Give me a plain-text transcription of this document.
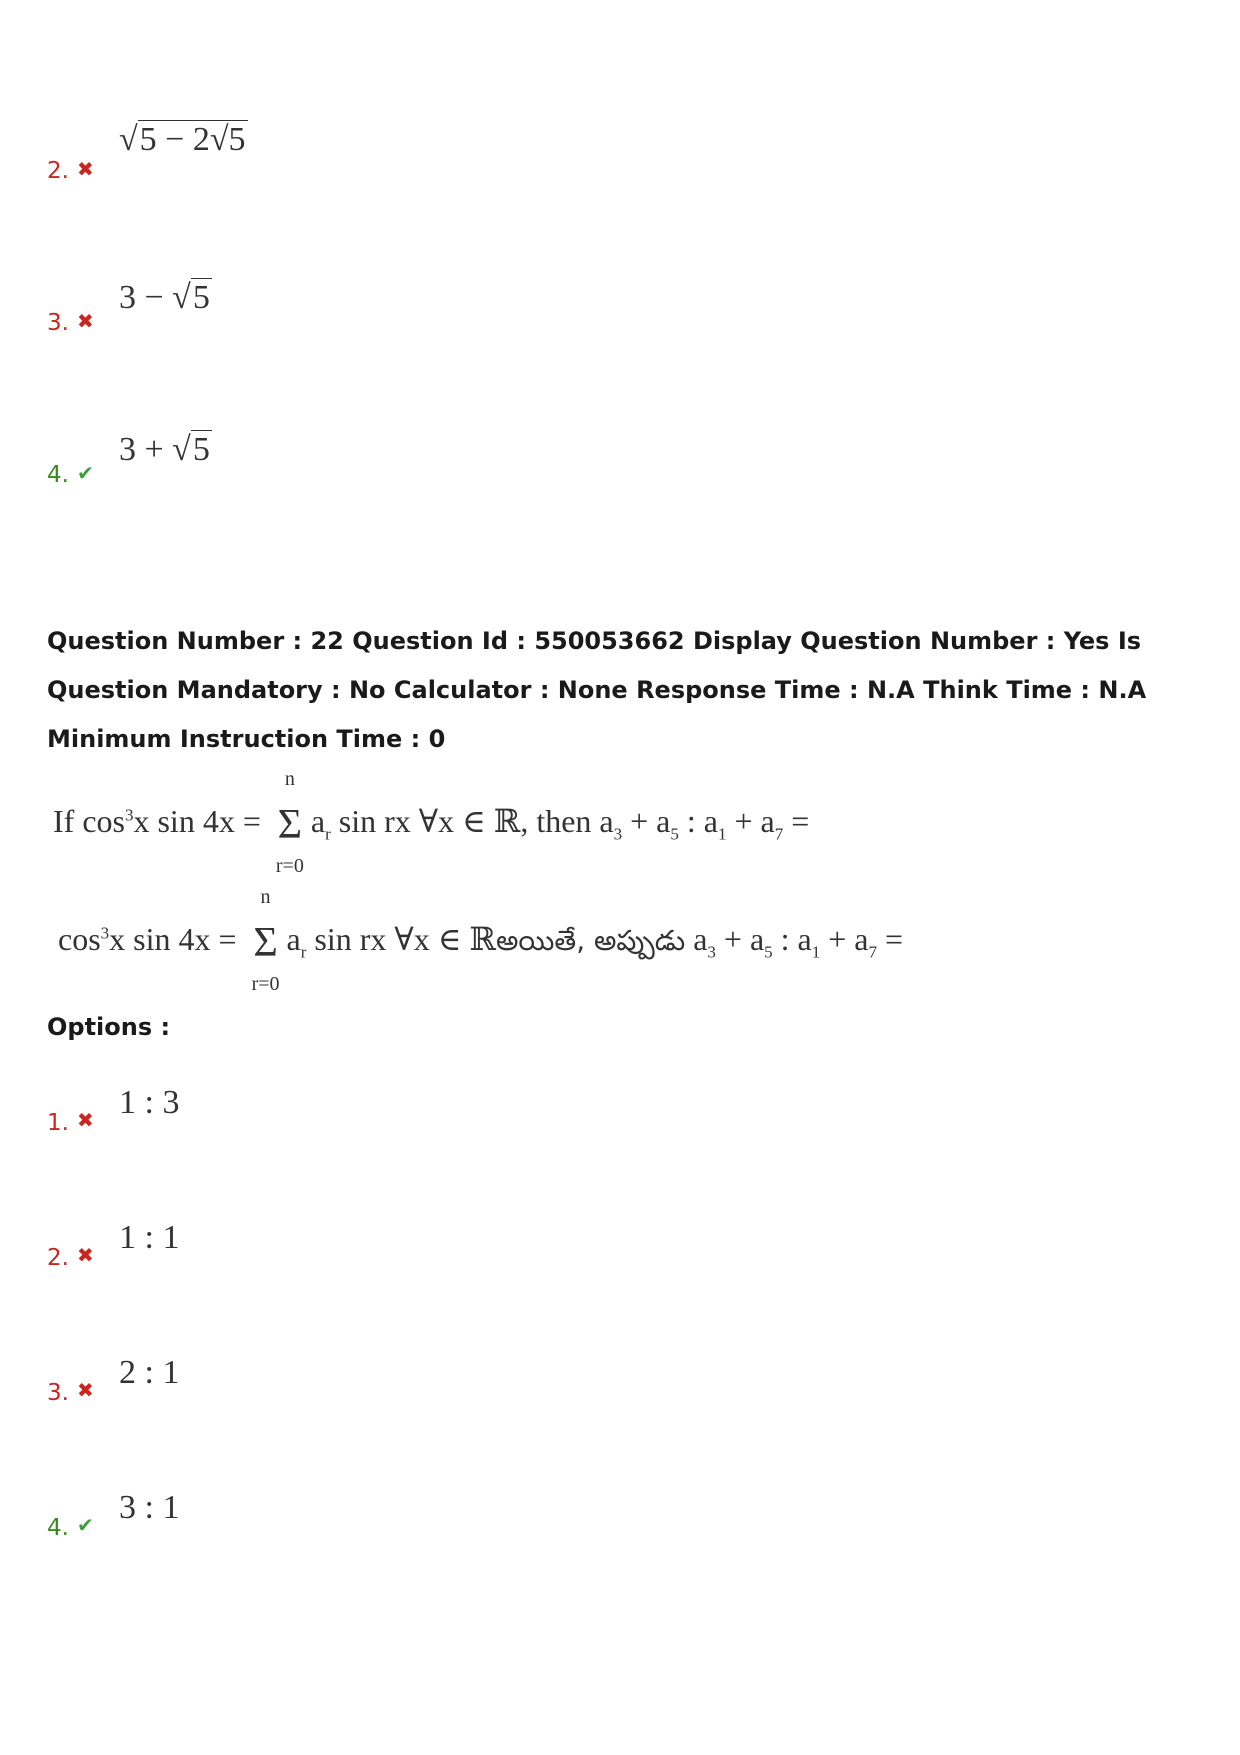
2. ✖
√5 − 2√5
3. ✖
3 − √5
4. ✔
3 + √5
Question Number : 22 Question Id : 550053662 Display Question Number : Yes Is Question Mandatory : No Calculator : None Response Time : N.A Think Time : N.A Minimum Instruction Time : 0
If $\cos^3x$ sin 4x =
n
Σ
r=0
$a_r$ sin rx ∀x ∈ ℝ, then $a_3 + a_5$ : $a_1 + a_7$ =
$\cos^3x$ sin 4x =
n
Σ
r=0
$a_r$ sin rx ∀x ∈ ℝఅయితే, అప్పుడు $a_3 + a_5$ : $a_1 + a_7$ =
Options :
1. ✖ 1 : 3
2. ✖ 1 : 1
3. ✖ 2 : 1
4. ✔ 3 : 1
